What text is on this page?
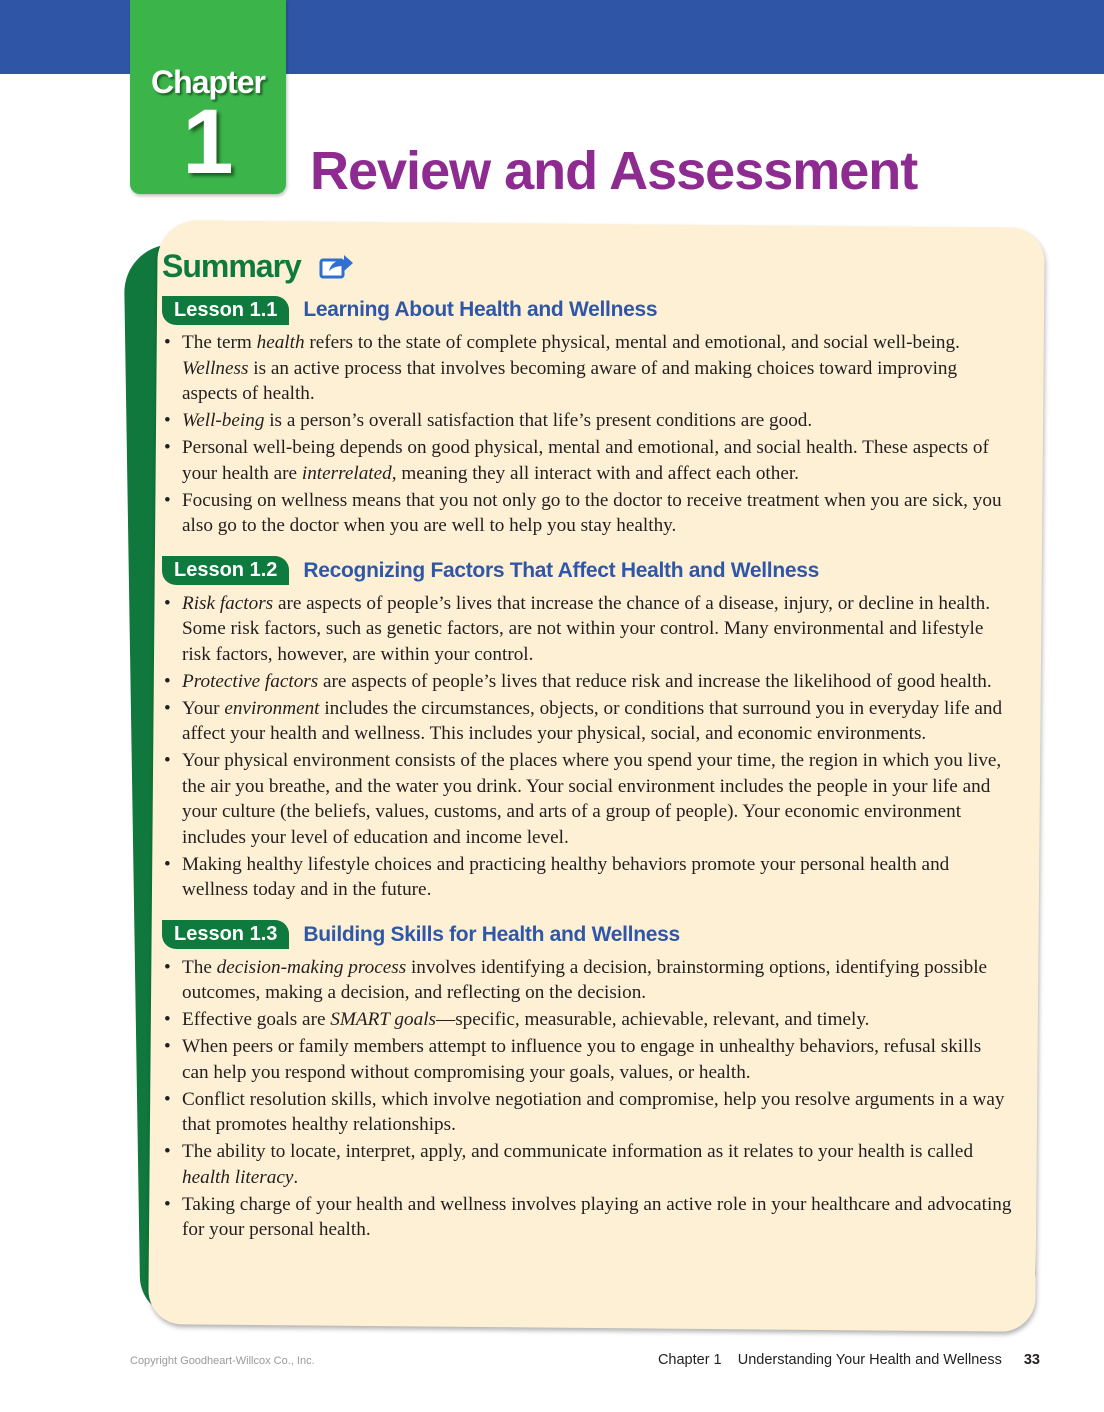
Chapter
1	Review and Assessment
Summary
Lesson 1.1	Learning About Health and Wellness
• The term health refers to the state of complete physical, mental and emotional, and social well-being. Wellness is an active process that involves becoming aware of and making choices toward improving aspects of health.
• Well-being is a person’s overall satisfaction that life’s present conditions are good.
• Personal well-being depends on good physical, mental and emotional, and social health. These aspects of your health are interrelated, meaning they all interact with and affect each other.
• Focusing on wellness means that you not only go to the doctor to receive treatment when you are sick, you also go to the doctor when you are well to help you stay healthy.
Lesson 1.2	Recognizing Factors That Affect Health and Wellness
• Risk factors are aspects of people’s lives that increase the chance of a disease, injury, or decline in health. Some risk factors, such as genetic factors, are not within your control. Many environmental and lifestyle risk factors, however, are within your control.
• Protective factors are aspects of people’s lives that reduce risk and increase the likelihood of good health.
• Your environment includes the circumstances, objects, or conditions that surround you in everyday life and affect your health and wellness. This includes your physical, social, and economic environments.
• Your physical environment consists of the places where you spend your time, the region in which you live, the air you breathe, and the water you drink. Your social environment includes the people in your life and your culture (the beliefs, values, customs, and arts of a group of people). Your economic environment includes your level of education and income level.
• Making healthy lifestyle choices and practicing healthy behaviors promote your personal health and wellness today and in the future.
Lesson 1.3	Building Skills for Health and Wellness
• The decision-making process involves identifying a decision, brainstorming options, identifying possible outcomes, making a decision, and reflecting on the decision.
• Effective goals are SMART goals—specific, measurable, achievable, relevant, and timely.
• When peers or family members attempt to influence you to engage in unhealthy behaviors, refusal skills can help you respond without compromising your goals, values, or health.
• Conflict resolution skills, which involve negotiation and compromise, help you resolve arguments in a way that promotes healthy relationships.
• The ability to locate, interpret, apply, and communicate information as it relates to your health is called health literacy.
• Taking charge of your health and wellness involves playing an active role in your healthcare and advocating for your personal health.
Copyright Goodheart-Willcox Co., Inc.	Chapter 1    Understanding Your Health and Wellness 33
